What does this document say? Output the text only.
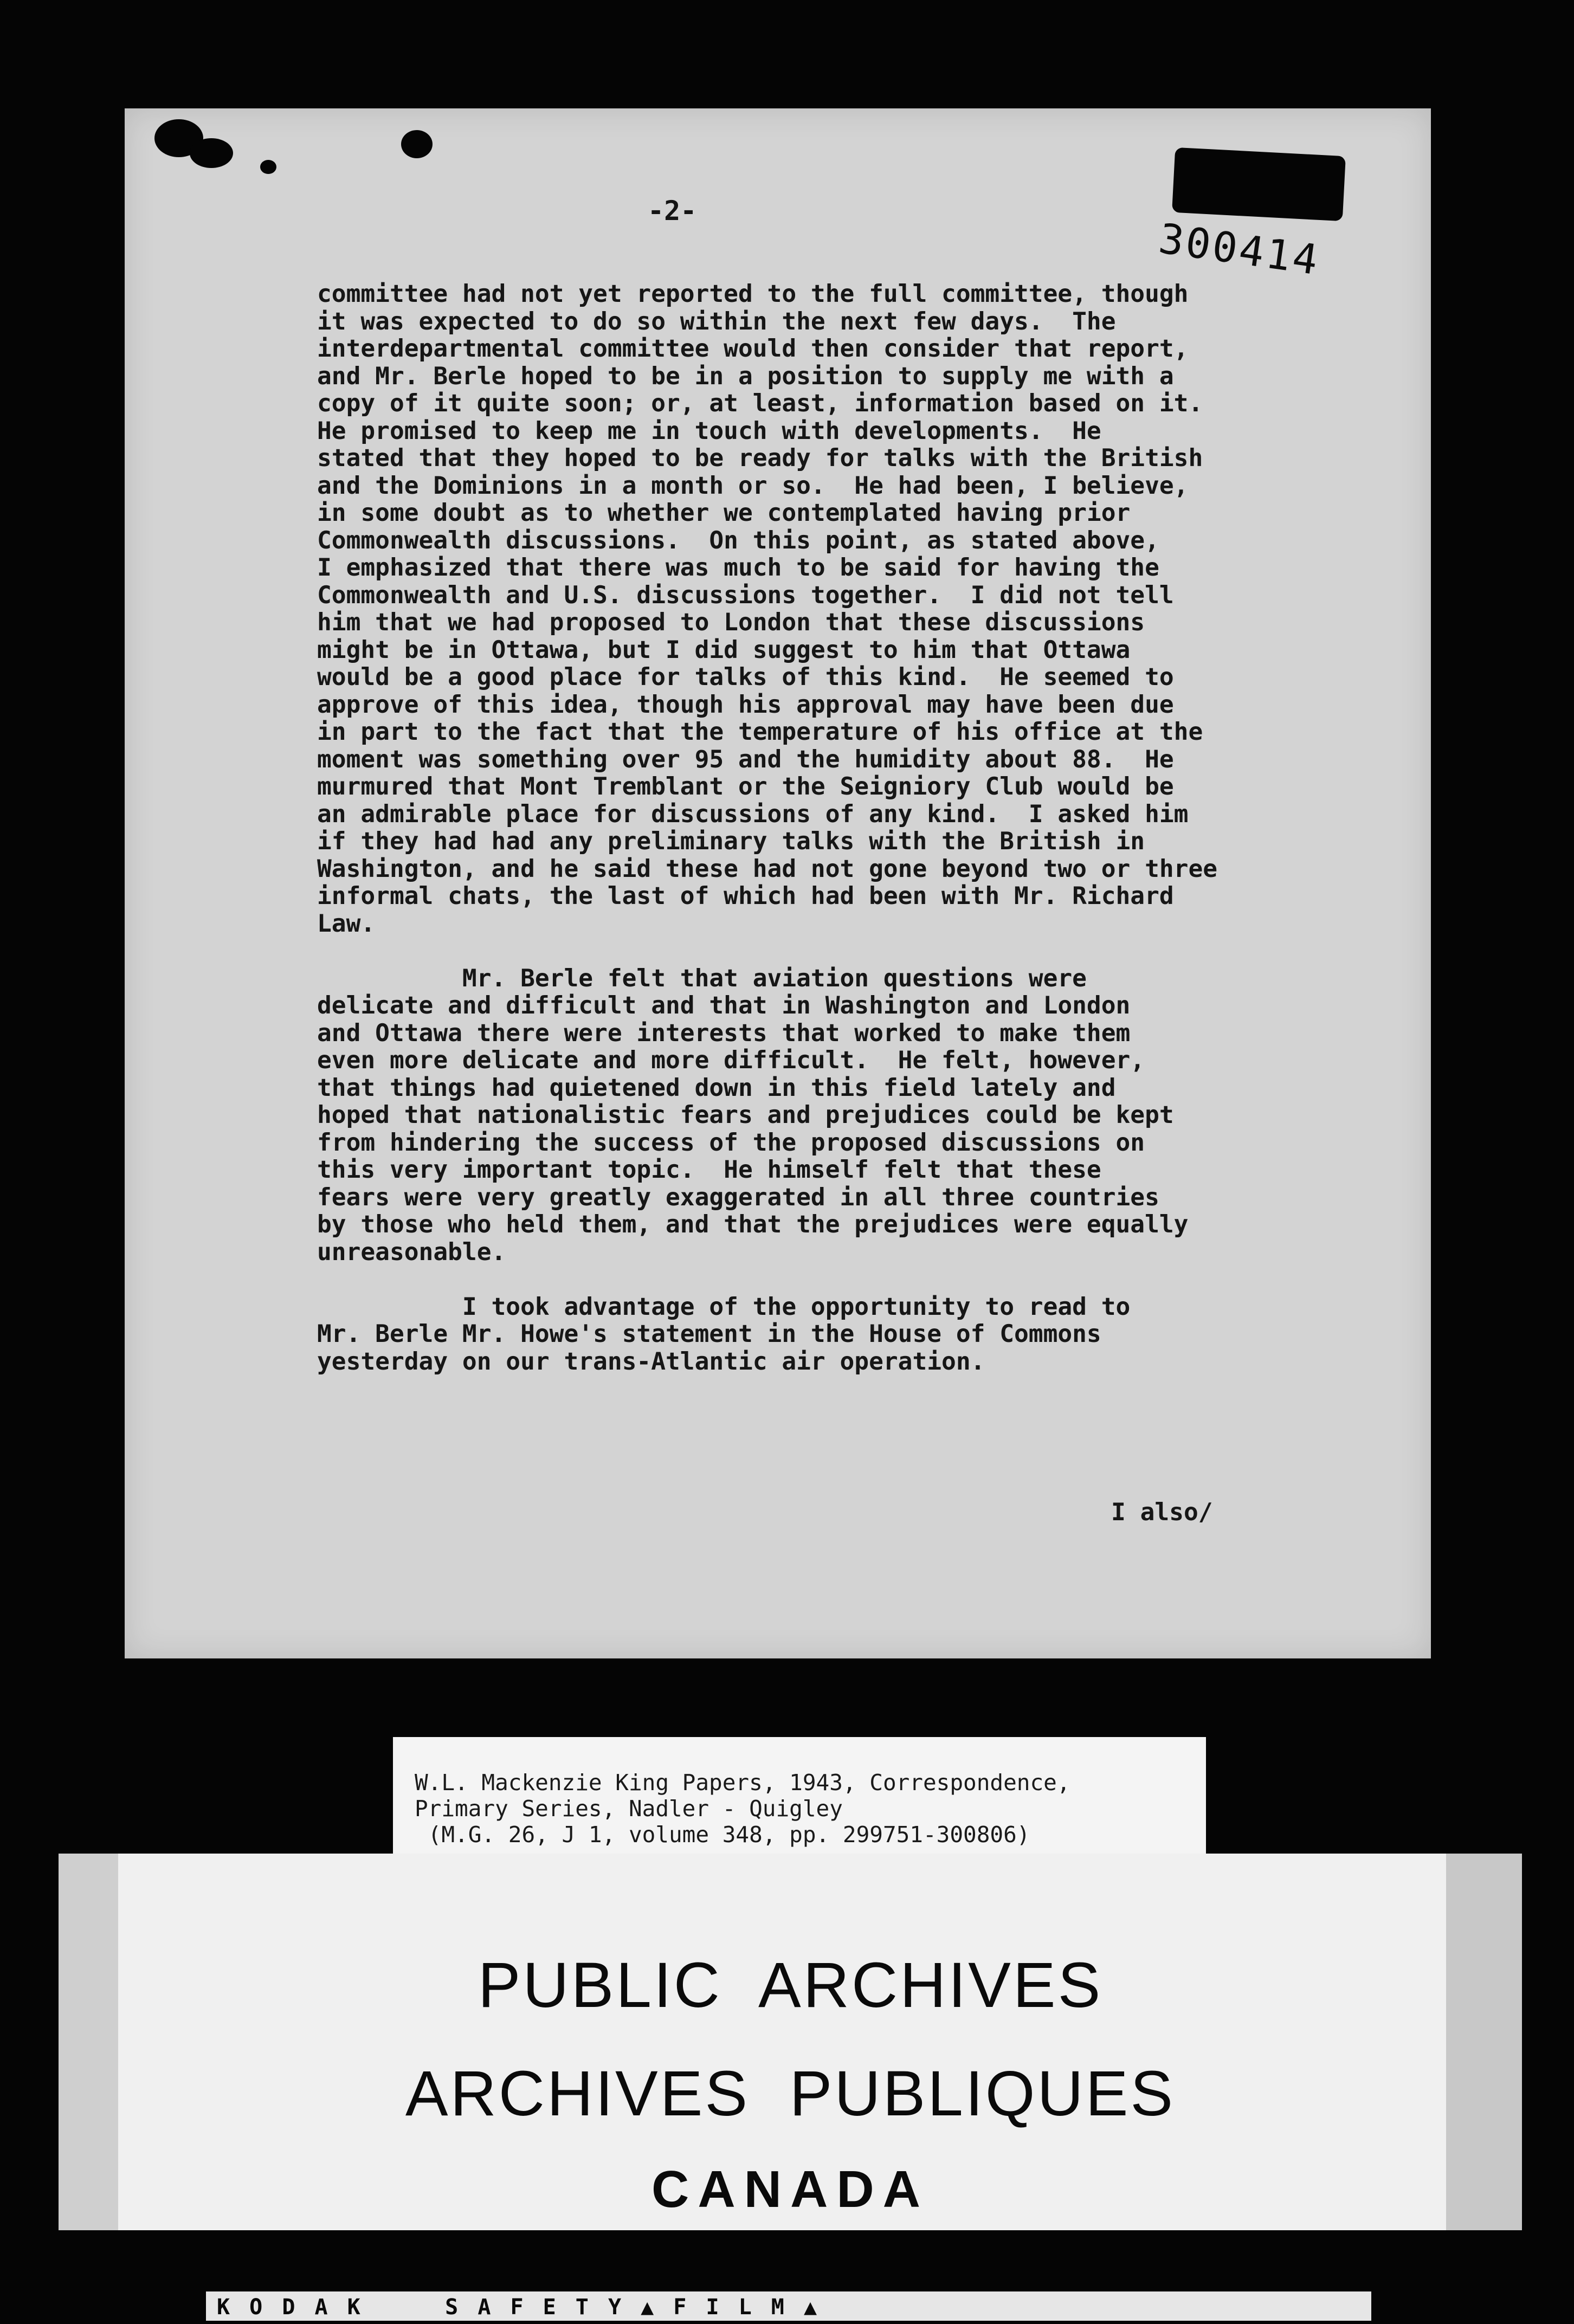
-2-
300414

committee had not yet reported to the full committee, though
it was expected to do so within the next few days.  The
interdepartmental committee would then consider that report,
and Mr. Berle hoped to be in a position to supply me with a
copy of it quite soon; or, at least, information based on it.
He promised to keep me in touch with developments.  He
stated that they hoped to be ready for talks with the British
and the Dominions in a month or so.  He had been, I believe,
in some doubt as to whether we contemplated having prior
Commonwealth discussions.  On this point, as stated above,
I emphasized that there was much to be said for having the
Commonwealth and U.S. discussions together.  I did not tell
him that we had proposed to London that these discussions
might be in Ottawa, but I did suggest to him that Ottawa
would be a good place for talks of this kind.  He seemed to
approve of this idea, though his approval may have been due
in part to the fact that the temperature of his office at the
moment was something over 95 and the humidity about 88.  He
murmured that Mont Tremblant or the Seigniory Club would be
an admirable place for discussions of any kind.  I asked him
if they had had any preliminary talks with the British in
Washington, and he said these had not gone beyond two or three
informal chats, the last of which had been with Mr. Richard
Law.

Mr. Berle felt that aviation questions were
delicate and difficult and that in Washington and London
and Ottawa there were interests that worked to make them
even more delicate and more difficult.  He felt, however,
that things had quietened down in this field lately and
hoped that nationalistic fears and prejudices could be kept
from hindering the success of the proposed discussions on
this very important topic.  He himself felt that these
fears were very greatly exaggerated in all three countries
by those who held them, and that the prejudices were equally
unreasonable.

I took advantage of the opportunity to read to
Mr. Berle Mr. Howe's statement in the House of Commons
yesterday on our trans-Atlantic air operation.

I also/
W.L. Mackenzie King Papers, 1943, Correspondence,
Primary Series, Nadler - Quigley
(M.G. 26, J 1, volume 348, pp. 299751-300806)
PUBLIC  ARCHIVES
ARCHIVES  PUBLIQUES
CANADA
K O D A K     S A F E T Y ▲ F I L M ▲
